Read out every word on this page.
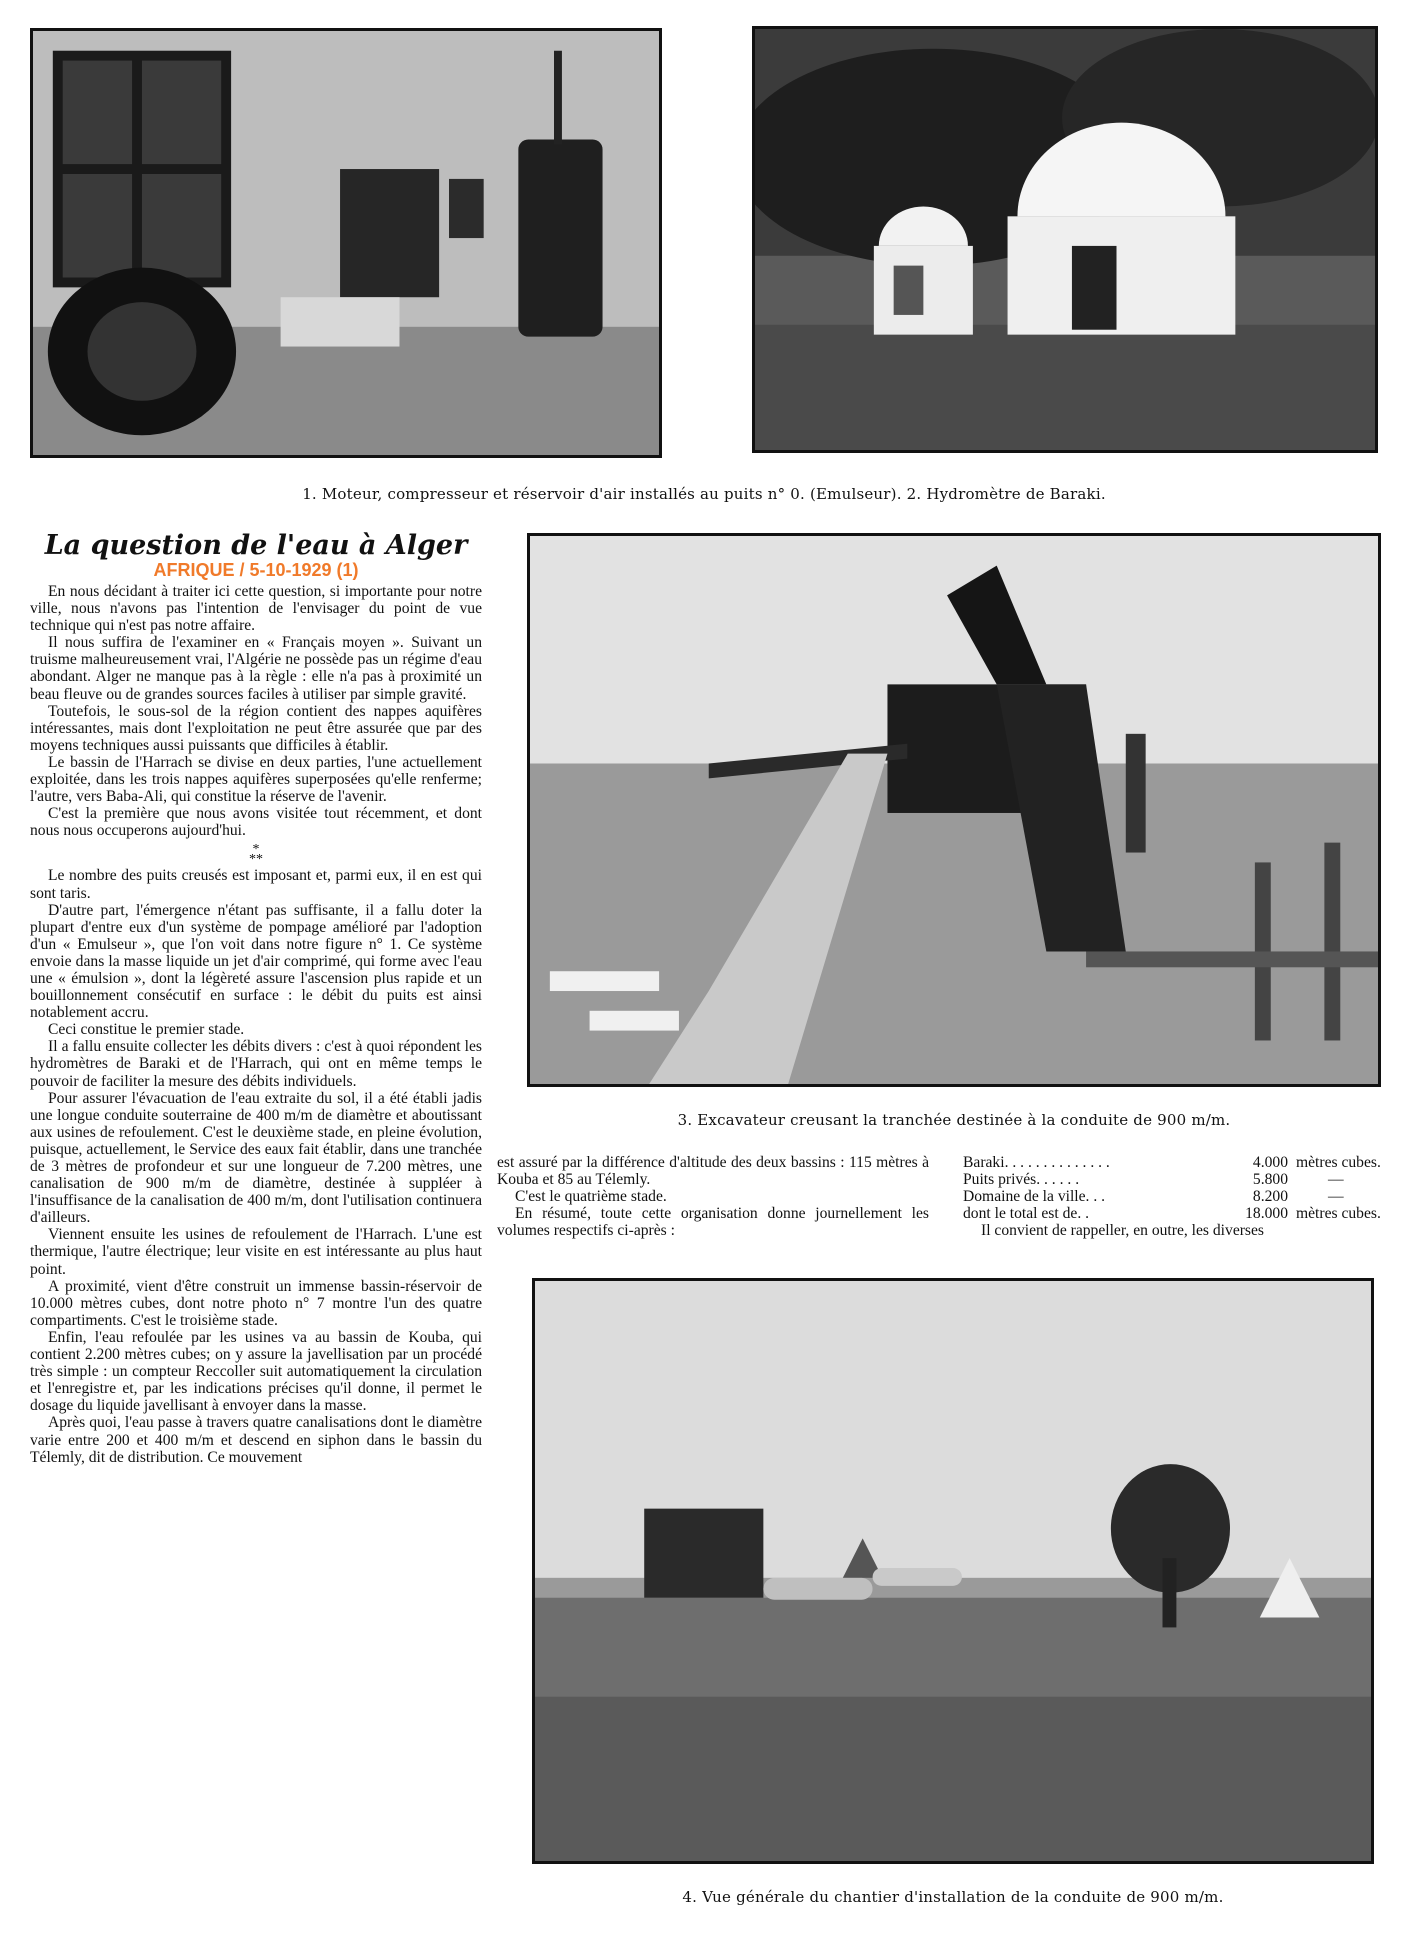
1. Moteur, compresseur et réservoir d'air installés au puits n° 0. (Emulseur). 2. Hydromètre de Baraki.
La question de l'eau à Alger
AFRIQUE / 5-10-1929 (1)

En nous décidant à traiter ici cette question, si importante pour notre ville, nous n'avons pas l'intention de l'envisager du point de vue technique qui n'est pas notre affaire.

Il nous suffira de l'examiner en « Français moyen ». Suivant un truisme malheureusement vrai, l'Algérie ne possède pas un régime d'eau abondant. Alger ne manque pas à la règle : elle n'a pas à proximité un beau fleuve ou de grandes sources faciles à utiliser par simple gravité.

Toutefois, le sous-sol de la région contient des nappes aquifères intéressantes, mais dont l'exploitation ne peut être assurée que par des moyens techniques aussi puissants que difficiles à établir.

Le bassin de l'Harrach se divise en deux parties, l'une actuellement exploitée, dans les trois nappes aquifères superposées qu'elle renferme; l'autre, vers Baba-Ali, qui constitue la réserve de l'avenir.

C'est la première que nous avons visitée tout récemment, et dont nous nous occuperons aujourd'hui.

*
**

Le nombre des puits creusés est imposant et, parmi eux, il en est qui sont taris.

D'autre part, l'émergence n'étant pas suffisante, il a fallu doter la plupart d'entre eux d'un système de pompage amélioré par l'adoption d'un « Emulseur », que l'on voit dans notre figure n° 1. Ce système envoie dans la masse liquide un jet d'air comprimé, qui forme avec l'eau une « émulsion », dont la légèreté assure l'ascension plus rapide et un bouillonnement consécutif en surface : le débit du puits est ainsi notablement accru.

Ceci constitue le premier stade.

Il a fallu ensuite collecter les débits divers : c'est à quoi répondent les hydromètres de Baraki et de l'Harrach, qui ont en même temps le pouvoir de faciliter la mesure des débits individuels.

Pour assurer l'évacuation de l'eau extraite du sol, il a été établi jadis une longue conduite souterraine de 400 m/m de diamètre et aboutissant aux usines de refoulement. C'est le deuxième stade, en pleine évolution, puisque, actuellement, le Service des eaux fait établir, dans une tranchée de 3 mètres de profondeur et sur une longueur de 7.200 mètres, une canalisation de 900 m/m de diamètre, destinée à suppléer à l'insuffisance de la canalisation de 400 m/m, dont l'utilisation continuera d'ailleurs.

Viennent ensuite les usines de refoulement de l'Harrach. L'une est thermique, l'autre électrique; leur visite en est intéressante au plus haut point.

A proximité, vient d'être construit un immense bassin-réservoir de 10.000 mètres cubes, dont notre photo n° 7 montre l'un des quatre compartiments. C'est le troisième stade.

Enfin, l'eau refoulée par les usines va au bassin de Kouba, qui contient 2.200 mètres cubes; on y assure la javellisation par un procédé très simple : un compteur Reccoller suit automatiquement la circulation et l'enregistre et, par les indications précises qu'il donne, il permet le dosage du liquide javellisant à envoyer dans la masse.

Après quoi, l'eau passe à travers quatre canalisations dont le diamètre varie entre 200 et 400 m/m et descend en siphon dans le bassin du Télemly, dit de distribution. Ce mouvement

3. Excavateur creusant la tranchée destinée à la conduite de 900 m/m.

est assuré par la différence d'altitude des deux bassins : 115 mètres à Kouba et 85 au Télemly.

C'est le quatrième stade.

En résumé, toute cette organisation donne journellement les volumes respectifs ci-après :

Baraki. . . . . . . . . . . . . .	4.000 mètres cubes.
Puits privés. . . . . .	5.800	—
Domaine de la ville. . .	8.200	—
dont le total est de. .	18.000 mètres cubes.
Il convient de rappeller, en outre, les diverses
4. Vue générale du chantier d'installation de la conduite de 900 m/m.
